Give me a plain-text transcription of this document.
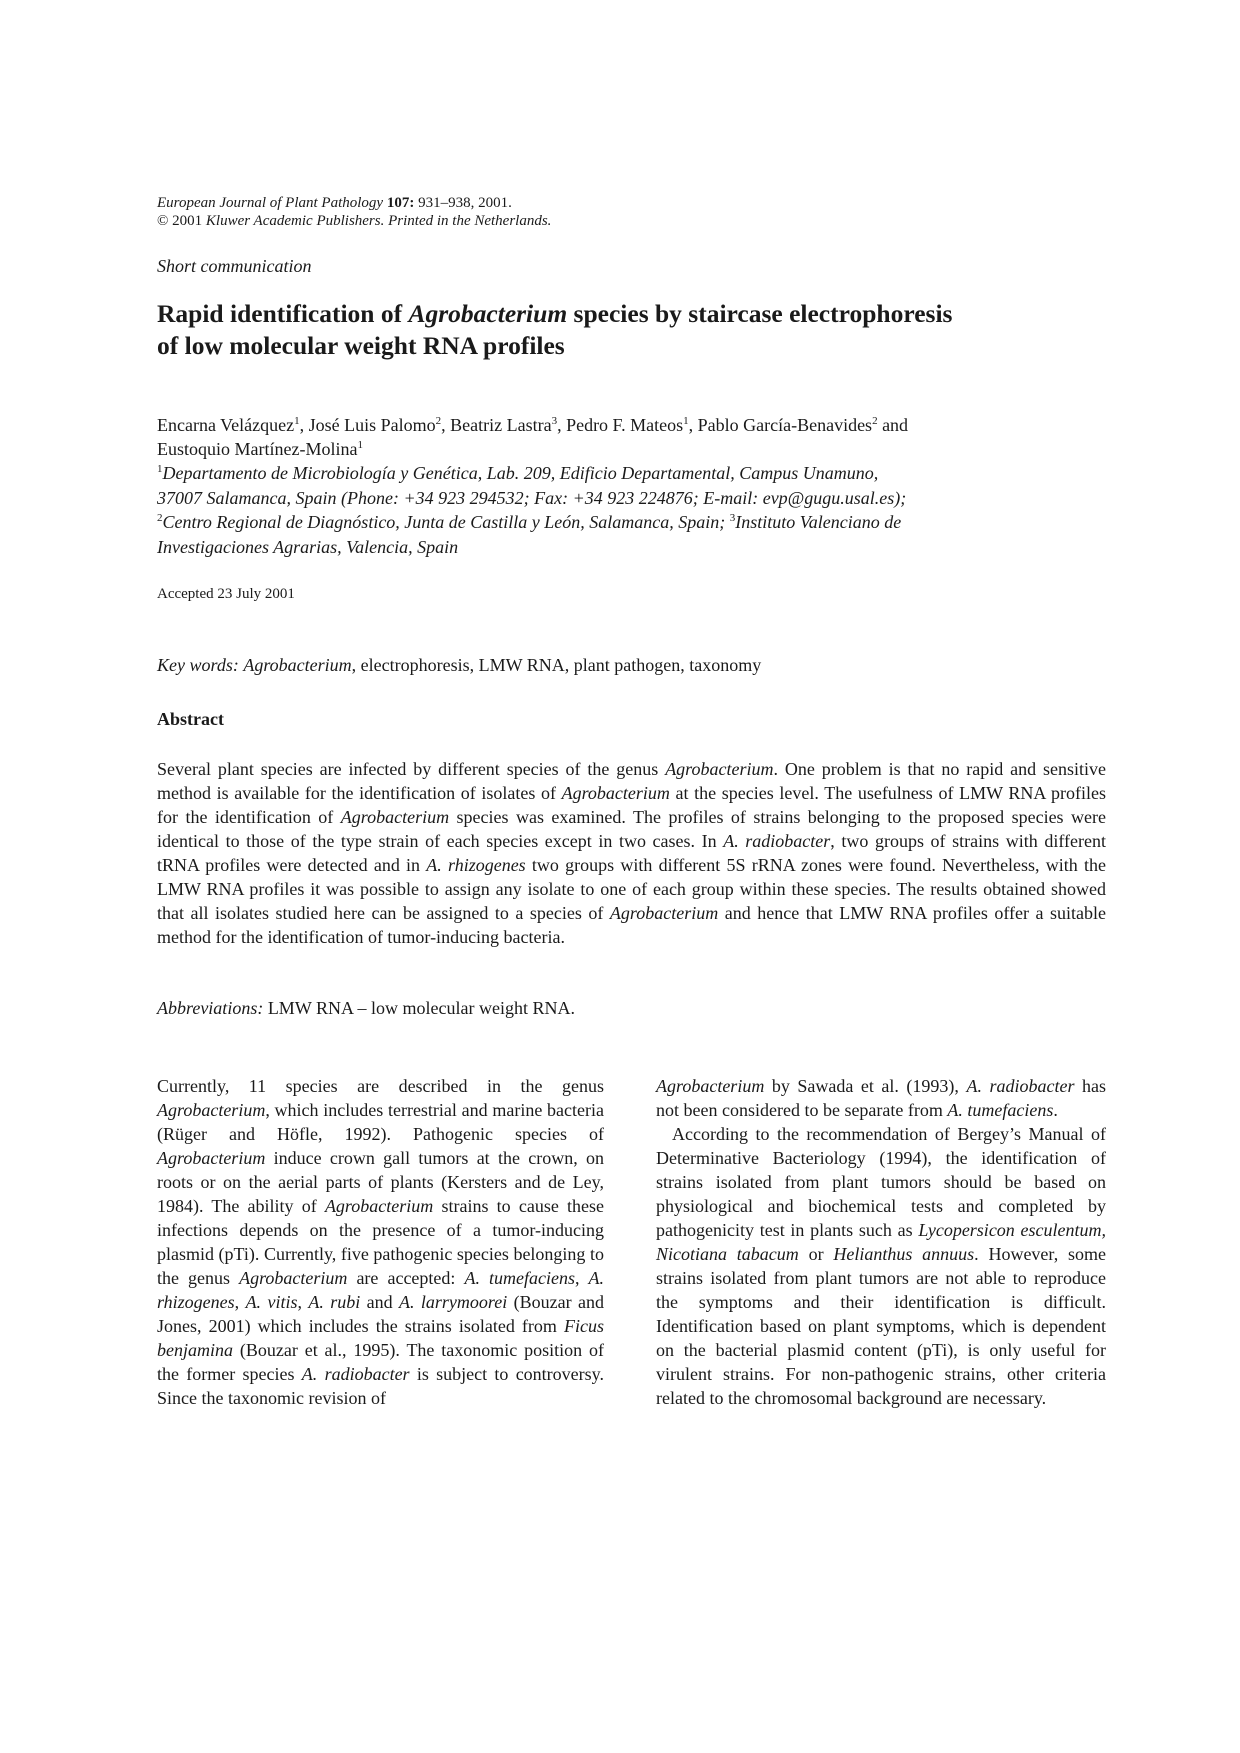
European Journal of Plant Pathology 107: 931–938, 2001.
© 2001 Kluwer Academic Publishers. Printed in the Netherlands.
Short communication
Rapid identification of Agrobacterium species by staircase electrophoresis
of low molecular weight RNA profiles
Encarna Velázquez$^1$, José Luis Palomo$^2$, Beatriz Lastra$^3$, Pedro F. Mateos$^1$, Pablo García-Benavides$^2$ and
Eustoquio Martínez-Molina$^1$
$^1$Departamento de Microbiología y Genética, Lab. 209, Edificio Departamental, Campus Unamuno,
37007 Salamanca, Spain (Phone: +34 923 294532; Fax: +34 923 224876; E-mail: evp@gugu.usal.es);
$^2$Centro Regional de Diagnóstico, Junta de Castilla y León, Salamanca, Spain; $^3$Instituto Valenciano de
Investigaciones Agrarias, Valencia, Spain
Accepted 23 July 2001
Key words: Agrobacterium, electrophoresis, LMW RNA, plant pathogen, taxonomy
Abstract
Several plant species are infected by different species of the genus Agrobacterium. One problem is that no rapid and sensitive method is available for the identification of isolates of Agrobacterium at the species level. The usefulness of LMW RNA profiles for the identification of Agrobacterium species was examined. The profiles of strains belonging to the proposed species were identical to those of the type strain of each species except in two cases. In A. radiobacter, two groups of strains with different tRNA profiles were detected and in A. rhizogenes two groups with different 5S rRNA zones were found. Nevertheless, with the LMW RNA profiles it was possible to assign any isolate to one of each group within these species. The results obtained showed that all isolates studied here can be assigned to a species of Agrobacterium and hence that LMW RNA profiles offer a suitable method for the identification of tumor-inducing bacteria.
Abbreviations: LMW RNA – low molecular weight RNA.

Currently, 11 species are described in the genus Agrobacterium, which includes terrestrial and marine bacteria (Rüger and Höfle, 1992). Pathogenic species of Agrobacterium induce crown gall tumors at the crown, on roots or on the aerial parts of plants (Kersters and de Ley, 1984). The ability of Agrobacterium strains to cause these infections depends on the presence of a tumor-inducing plasmid (pTi). Currently, five pathogenic species belonging to the genus Agrobacterium are accepted: A. tumefaciens, A. rhizogenes, A. vitis, A. rubi and A. larrymoorei (Bouzar and Jones, 2001) which includes the strains isolated from Ficus benjamina (Bouzar et al., 1995). The taxonomic position of the former species A. radiobacter is subject to controversy. Since the taxonomic revision of

Agrobacterium by Sawada et al. (1993), A. radiobacter has not been considered to be separate from A. tumefaciens.

According to the recommendation of Bergey’s Manual of Determinative Bacteriology (1994), the identification of strains isolated from plant tumors should be based on physiological and biochemical tests and completed by pathogenicity test in plants such as Lycopersicon esculentum, Nicotiana tabacum or Helianthus annuus. However, some strains isolated from plant tumors are not able to reproduce the symptoms and their identification is difficult. Identification based on plant symptoms, which is dependent on the bacterial plasmid content (pTi), is only useful for virulent strains. For non-pathogenic strains, other criteria related to the chromosomal background are necessary.
